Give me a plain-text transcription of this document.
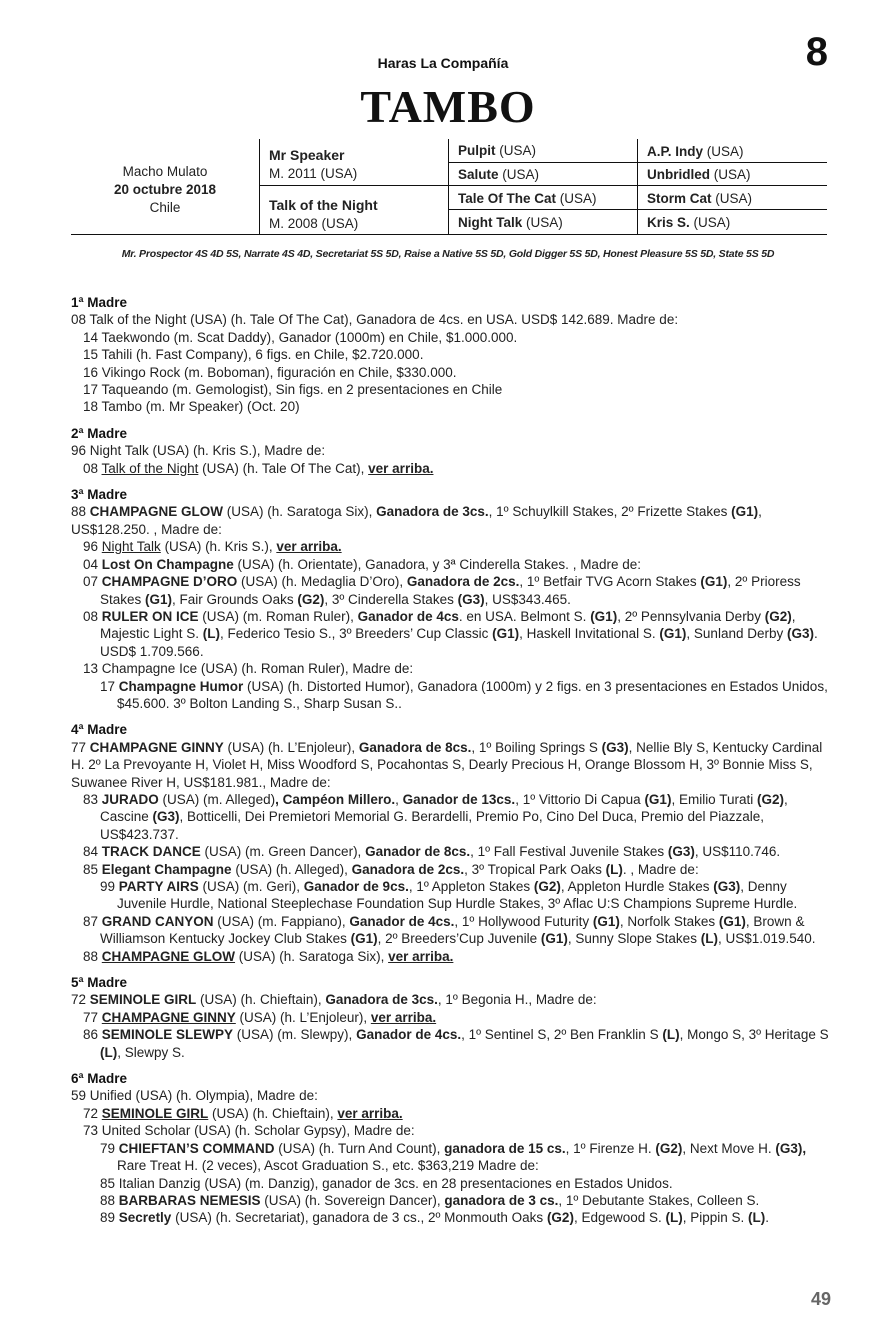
Haras La Compañía	8
TAMBO
Macho Mulato
20 octubre 2018
Chile
Mr Speaker
M. 2011 (USA)
Talk of the Night
M. 2008 (USA)
Pulpit (USA)
Salute (USA)
Tale Of The Cat (USA)
Night Talk (USA)
A.P. Indy (USA)
Unbridled (USA)
Storm Cat (USA)
Kris S. (USA)
Mr. Prospector 4S 4D 5S, Narrate 4S 4D, Secretariat 5S 5D, Raise a Native 5S 5D, Gold Digger 5S 5D, Honest Pleasure 5S 5D, State 5S 5D
1ª Madre
08 Talk of the Night (USA) (h. Tale Of The Cat), Ganadora de 4cs. en USA. USD$ 142.689. Madre de:
14 Taekwondo (m. Scat Daddy), Ganador (1000m) en Chile, $1.000.000.
15 Tahili (h. Fast Company), 6 figs. en Chile, $2.720.000.
16 Vikingo Rock (m. Boboman), figuración en Chile, $330.000.
17 Taqueando (m. Gemologist), Sin figs. en 2 presentaciones en Chile
18 Tambo (m. Mr Speaker) (Oct. 20)
2ª Madre
96 Night Talk (USA) (h. Kris S.), Madre de:
08 Talk of the Night (USA) (h. Tale Of The Cat), ver arriba.
3ª Madre
88 CHAMPAGNE GLOW (USA) (h. Saratoga Six), Ganadora de 3cs., 1º Schuylkill Stakes, 2º Frizette Stakes (G1), US$128.250. , Madre de:
96 Night Talk (USA) (h. Kris S.), ver arriba.
04 Lost On Champagne (USA) (h. Orientate), Ganadora, y 3ª Cinderella Stakes. , Madre de:
07 CHAMPAGNE D’ORO (USA) (h. Medaglia D’Oro), Ganadora de 2cs., 1º Betfair TVG Acorn Stakes (G1), 2º Prioress Stakes (G1), Fair Grounds Oaks (G2), 3º Cinderella Stakes (G3), US$343.465.
08 RULER ON ICE (USA) (m. Roman Ruler), Ganador de 4cs. en USA. Belmont S. (G1), 2º Pennsylvania Derby (G2), Majestic Light S. (L), Federico Tesio S., 3º Breeders’ Cup Classic (G1), Haskell Invitational S. (G1), Sunland Derby (G3). USD$ 1.709.566.
13 Champagne Ice (USA) (h. Roman Ruler), Madre de:
17 Champagne Humor (USA) (h. Distorted Humor), Ganadora (1000m) y 2 figs. en 3 presentaciones en Estados Unidos, $45.600. 3º Bolton Landing S., Sharp Susan S..
4ª Madre
77 CHAMPAGNE GINNY (USA) (h. L’Enjoleur), Ganadora de 8cs., 1º Boiling Springs S (G3), Nellie Bly S, Kentucky Cardinal H. 2º La Prevoyante H, Violet H, Miss Woodford S, Pocahontas S, Dearly Precious H, Orange Blossom H, 3º Bonnie Miss S, Suwanee River H, US$181.981., Madre de:
83 JURADO (USA) (m. Alleged), Campéon Millero., Ganador de 13cs., 1º Vittorio Di Capua (G1), Emilio Turati (G2), Cascine (G3), Botticelli, Dei Premietori Memorial G. Berardelli, Premio Po, Cino Del Duca, Premio del Piazzale, US$423.737.
84 TRACK DANCE (USA) (m. Green Dancer), Ganador de 8cs., 1º Fall Festival Juvenile Stakes (G3), US$110.746.
85 Elegant Champagne (USA) (h. Alleged), Ganadora de 2cs., 3º Tropical Park Oaks (L). , Madre de:
99 PARTY AIRS (USA) (m. Geri), Ganador de 9cs., 1º Appleton Stakes (G2), Appleton Hurdle Stakes (G3), Denny Juvenile Hurdle, National Steeplechase Foundation Sup Hurdle Stakes, 3º Aflac U:S Champions Supreme Hurdle.
87 GRAND CANYON (USA) (m. Fappiano), Ganador de 4cs., 1º Hollywood Futurity (G1), Norfolk Stakes (G1), Brown & Williamson Kentucky Jockey Club Stakes (G1), 2º Breeders’Cup Juvenile (G1), Sunny Slope Stakes (L), US$1.019.540.
88 CHAMPAGNE GLOW (USA) (h. Saratoga Six), ver arriba.
5ª Madre
72 SEMINOLE GIRL (USA) (h. Chieftain), Ganadora de 3cs., 1º Begonia H., Madre de:
77 CHAMPAGNE GINNY (USA) (h. L’Enjoleur), ver arriba.
86 SEMINOLE SLEWPY (USA) (m. Slewpy), Ganador de 4cs., 1º Sentinel S, 2º Ben Franklin S (L), Mongo S, 3º Heritage S (L), Slewpy S.
6ª Madre
59 Unified (USA) (h. Olympia), Madre de:
72 SEMINOLE GIRL (USA) (h. Chieftain), ver arriba.
73 United Scholar (USA) (h. Scholar Gypsy), Madre de:
79 CHIEFTAN’S COMMAND (USA) (h. Turn And Count), ganadora de 15 cs., 1º Firenze H. (G2), Next Move H. (G3), Rare Treat H. (2 veces), Ascot Graduation S., etc. $363,219 Madre de:
85 Italian Danzig (USA) (m. Danzig), ganador de 3cs. en 28 presentaciones en Estados Unidos.
88 BARBARAS NEMESIS (USA) (h. Sovereign Dancer), ganadora de 3 cs., 1º Debutante Stakes, Colleen S.
89 Secretly (USA) (h. Secretariat), ganadora de 3 cs., 2º Monmouth Oaks (G2), Edgewood S. (L), Pippin S. (L).
49
